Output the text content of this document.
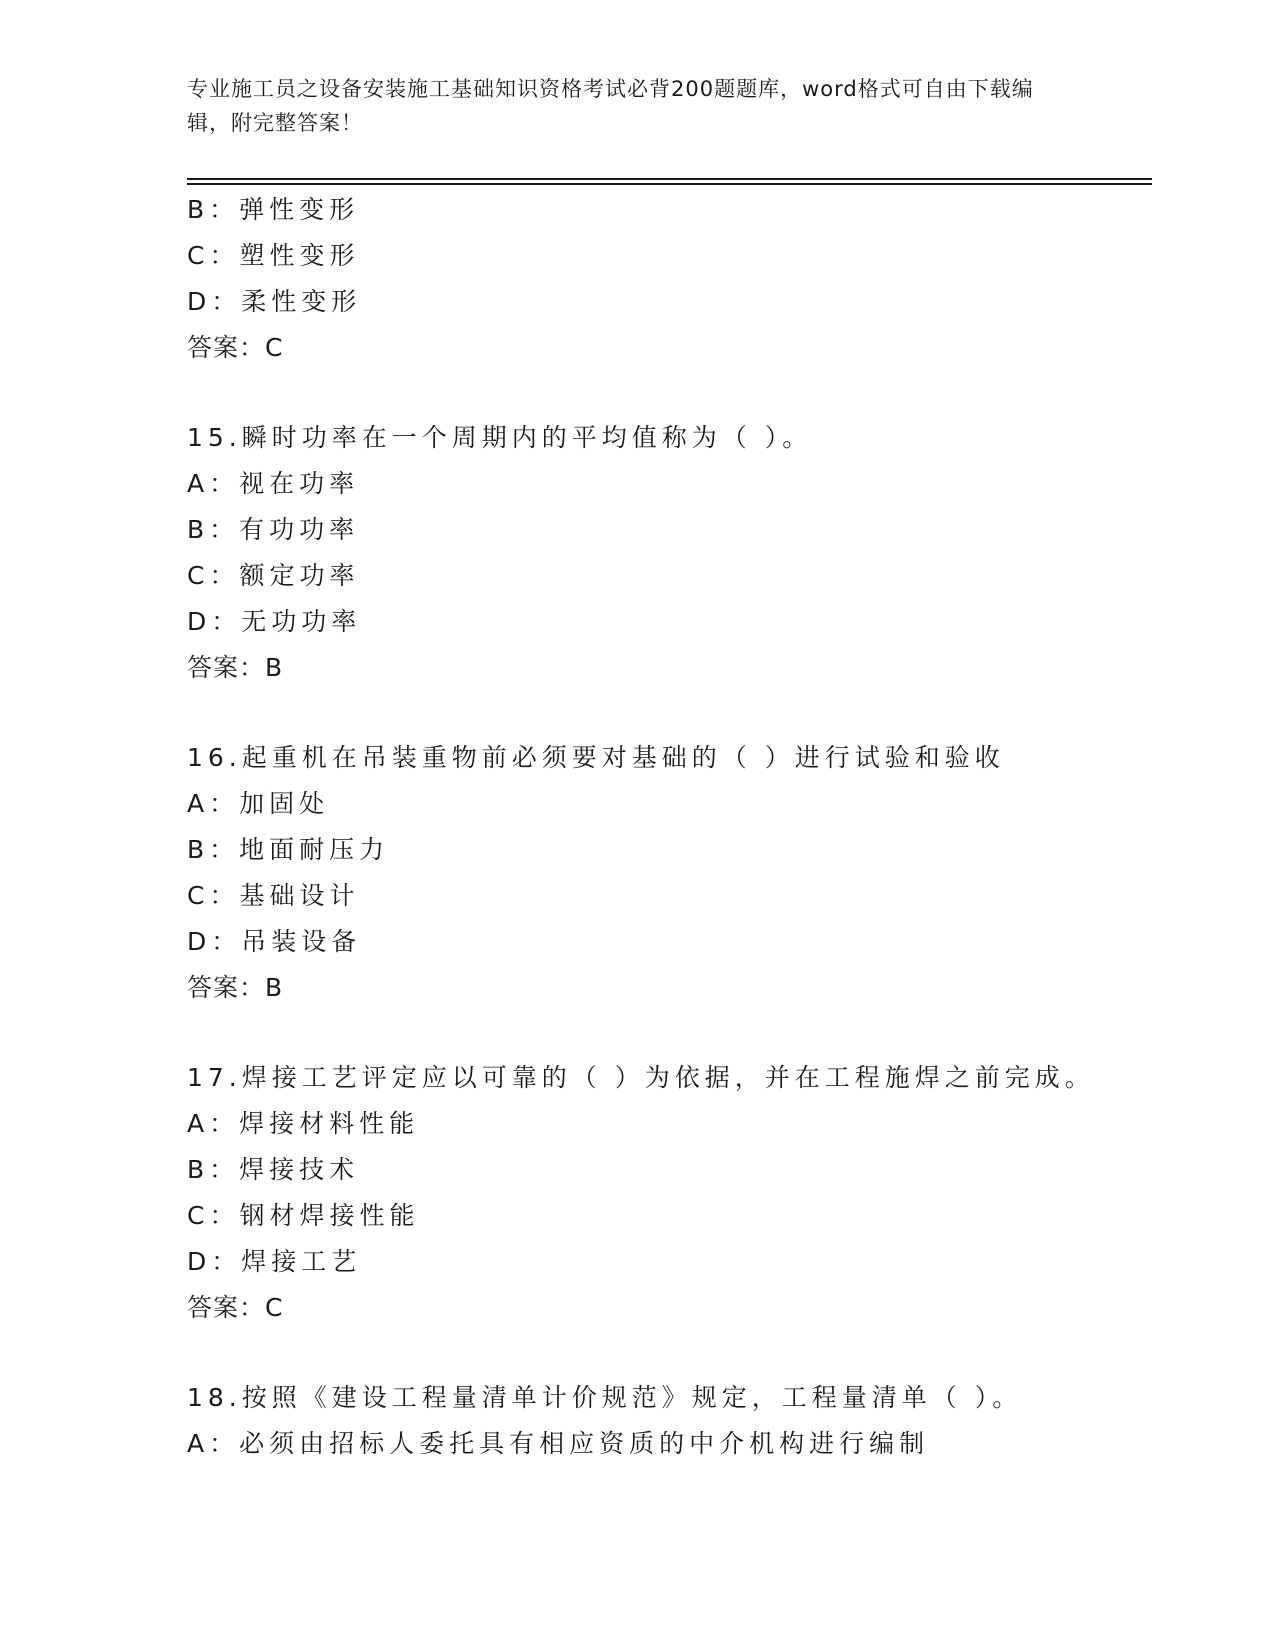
专业施工员之设备安装施工基础知识资格考试必背200题题库，word格式可自由下载编辑，附完整答案！
B：弹性变形
C：塑性变形
D：柔性变形
答案：C
15.瞬时功率在一个周期内的平均值称为（ ）。
A：视在功率
B：有功功率
C：额定功率
D：无功功率
答案：B
16.起重机在吊装重物前必须要对基础的（ ）进行试验和验收
A：加固处
B：地面耐压力
C：基础设计
D：吊装设备
答案：B
17.焊接工艺评定应以可靠的（ ）为依据，并在工程施焊之前完成。
A：焊接材料性能
B：焊接技术
C：钢材焊接性能
D：焊接工艺
答案：C
18.按照《建设工程量清单计价规范》规定，工程量清单（ ）。
A：必须由招标人委托具有相应资质的中介机构进行编制
